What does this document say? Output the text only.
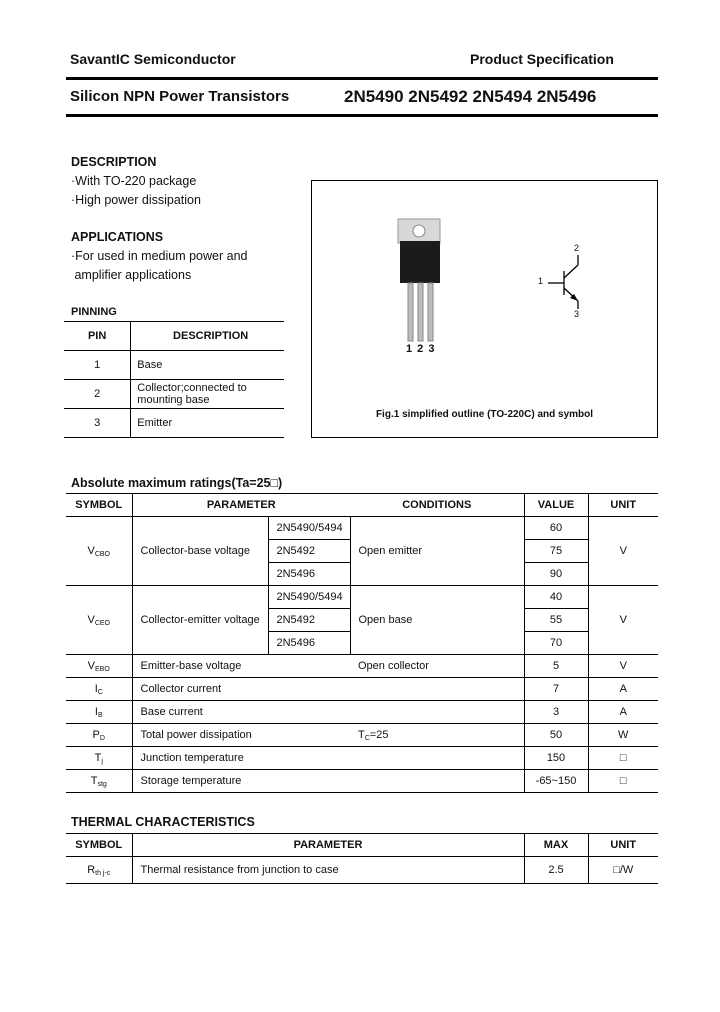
SavantIC Semiconductor	Product Specification
Silicon NPN Power Transistors	2N5490 2N5492 2N5494 2N5496
DESCRIPTION
·With TO-220 package
·High power dissipation
APPLICATIONS
·For used in medium power and
amplifier applications
PINNING
PIN	DESCRIPTION
1	Base
2	Collector;connected to mounting base
3	Emitter
1 2 3
1
2
3
Fig.1 simplified outline (TO-220C) and symbol
Absolute maximum ratings(Ta=25□)
SYMBOL	PARAMETER		CONDITIONS	VALUE	UNIT
$V_{CBO}$	Collector-base voltage	2N5490/5494	Open emitter	60	V
		2N5492		75	
		2N5496		90	
$V_{CEO}$	Collector-emitter voltage	2N5490/5494	Open base	40	V
		2N5492		55	
		2N5496		70	
$V_{EBO}$	Emitter-base voltage		Open collector	5	V
$I_C$	Collector current			7	A
$I_B$	Base current			3	A
$P_D$	Total power dissipation		$T_C=25$	50	W
$T_j$	Junction temperature			150	□
$T_{stg}$	Storage temperature			-65~150	□
THERMAL CHARACTERISTICS
SYMBOL	PARAMETER	MAX	UNIT
$R_{th j-c}$	Thermal resistance from junction to case	2.5	□/W
